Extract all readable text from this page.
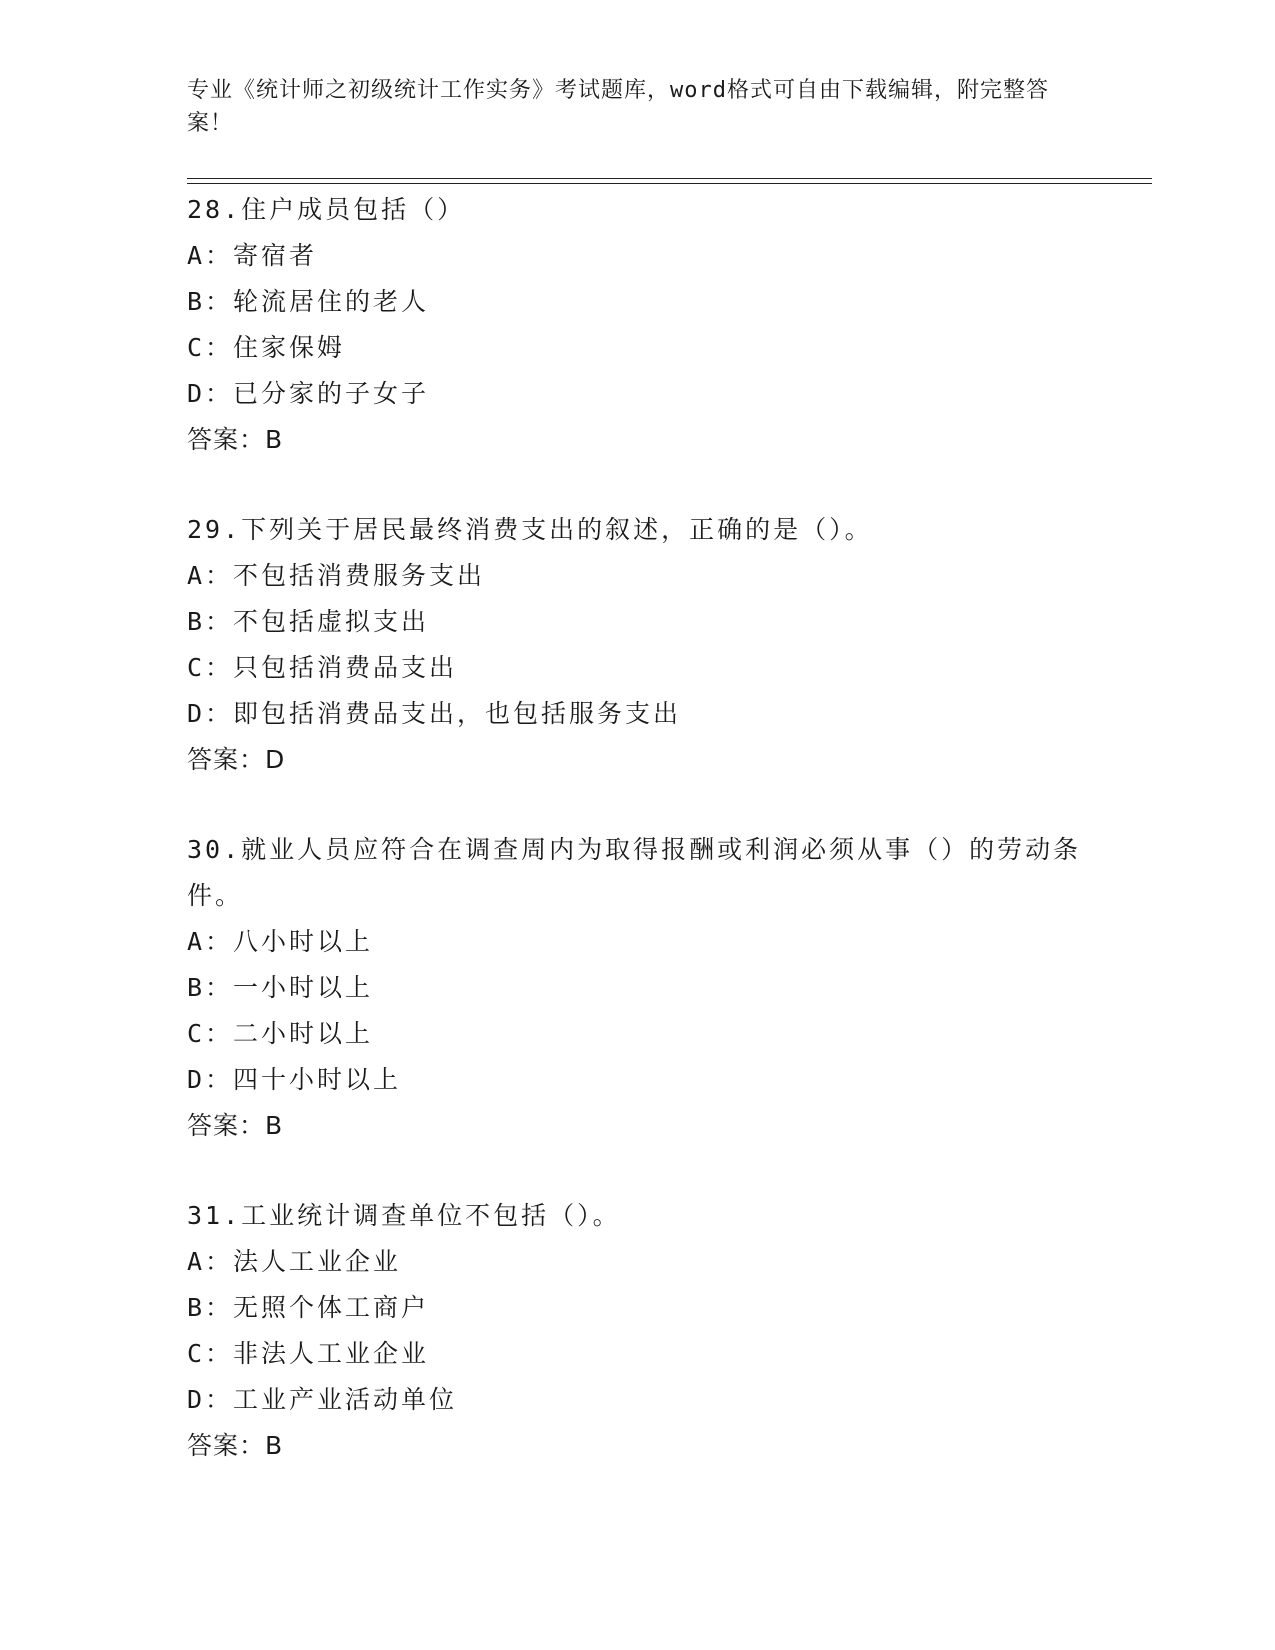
专业《统计师之初级统计工作实务》考试题库，word格式可自由下载编辑，附完整答案！
28.住户成员包括（）
A：寄宿者
B：轮流居住的老人
C：住家保姆
D：已分家的子女子
答案：B
29.下列关于居民最终消费支出的叙述，正确的是（）。
A：不包括消费服务支出
B：不包括虚拟支出
C：只包括消费品支出
D：即包括消费品支出，也包括服务支出
答案：D
30.就业人员应符合在调查周内为取得报酬或利润必须从事（）的劳动条件。
A：八小时以上
B：一小时以上
C：二小时以上
D：四十小时以上
答案：B
31.工业统计调查单位不包括（）。
A：法人工业企业
B：无照个体工商户
C：非法人工业企业
D：工业产业活动单位
答案：B
